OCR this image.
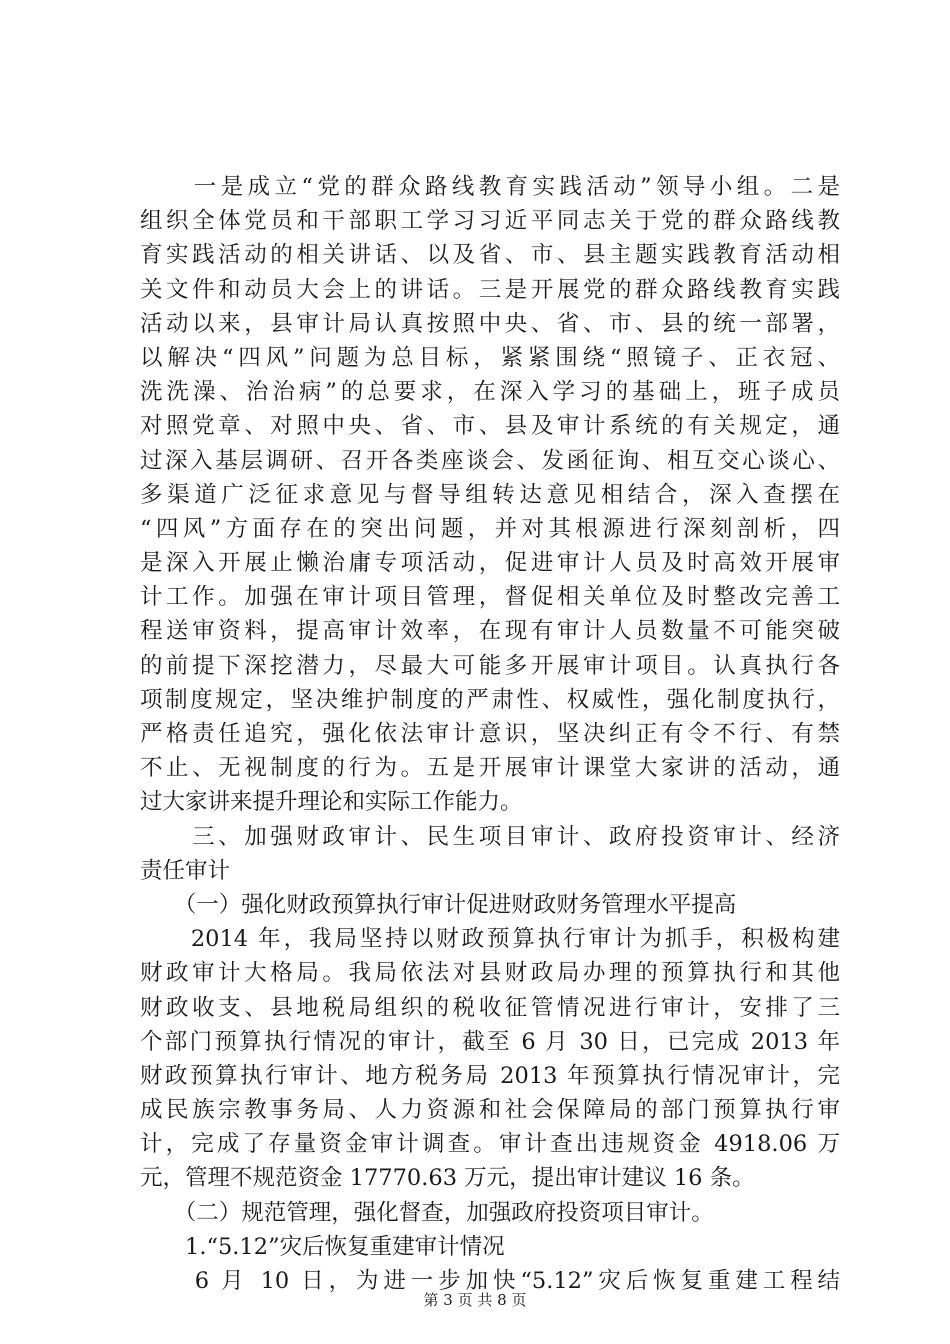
　　一是成立“党的群众路线教育实践活动”领导小组。二是
组织全体党员和干部职工学习习近平同志关于党的群众路线教
育实践活动的相关讲话、以及省、市、县主题实践教育活动相
关文件和动员大会上的讲话。三是开展党的群众路线教育实践
活动以来，县审计局认真按照中央、省、市、县的统一部署，
以解决“四风”问题为总目标，紧紧围绕“照镜子、正衣冠、
洗洗澡、治治病”的总要求，在深入学习的基础上，班子成员
对照党章、对照中央、省、市、县及审计系统的有关规定，通
过深入基层调研、召开各类座谈会、发函征询、相互交心谈心、
多渠道广泛征求意见与督导组转达意见相结合，深入查摆在
“四风”方面存在的突出问题，并对其根源进行深刻剖析，四
是深入开展止懒治庸专项活动，促进审计人员及时高效开展审
计工作。加强在审计项目管理，督促相关单位及时整改完善工
程送审资料，提高审计效率，在现有审计人员数量不可能突破
的前提下深挖潜力，尽最大可能多开展审计项目。认真执行各
项制度规定，坚决维护制度的严肃性、权威性，强化制度执行，
严格责任追究，强化依法审计意识，坚决纠正有令不行、有禁
不止、无视制度的行为。五是开展审计课堂大家讲的活动，通
过大家讲来提升理论和实际工作能力。
　　三、加强财政审计、民生项目审计、政府投资审计、经济
责任审计
　　（一）强化财政预算执行审计促进财政财务管理水平提高
　　2014 年，我局坚持以财政预算执行审计为抓手，积极构建
财政审计大格局。我局依法对县财政局办理的预算执行和其他
财政收支、县地税局组织的税收征管情况进行审计，安排了三
个部门预算执行情况的审计，截至 6 月 30 日，已完成 2013 年
财政预算执行审计、地方税务局 2013 年预算执行情况审计，完
成民族宗教事务局、人力资源和社会保障局的部门预算执行审
计，完成了存量资金审计调查。审计查出违规资金 4918.06 万
元，管理不规范资金 17770.63 万元，提出审计建议 16 条。
　　（二）规范管理，强化督查，加强政府投资项目审计。
　　1.“5.12”灾后恢复重建审计情况
　　6 月 10 日，为进一步加快“5.12”灾后恢复重建工程结
第 3 页 共 8 页
